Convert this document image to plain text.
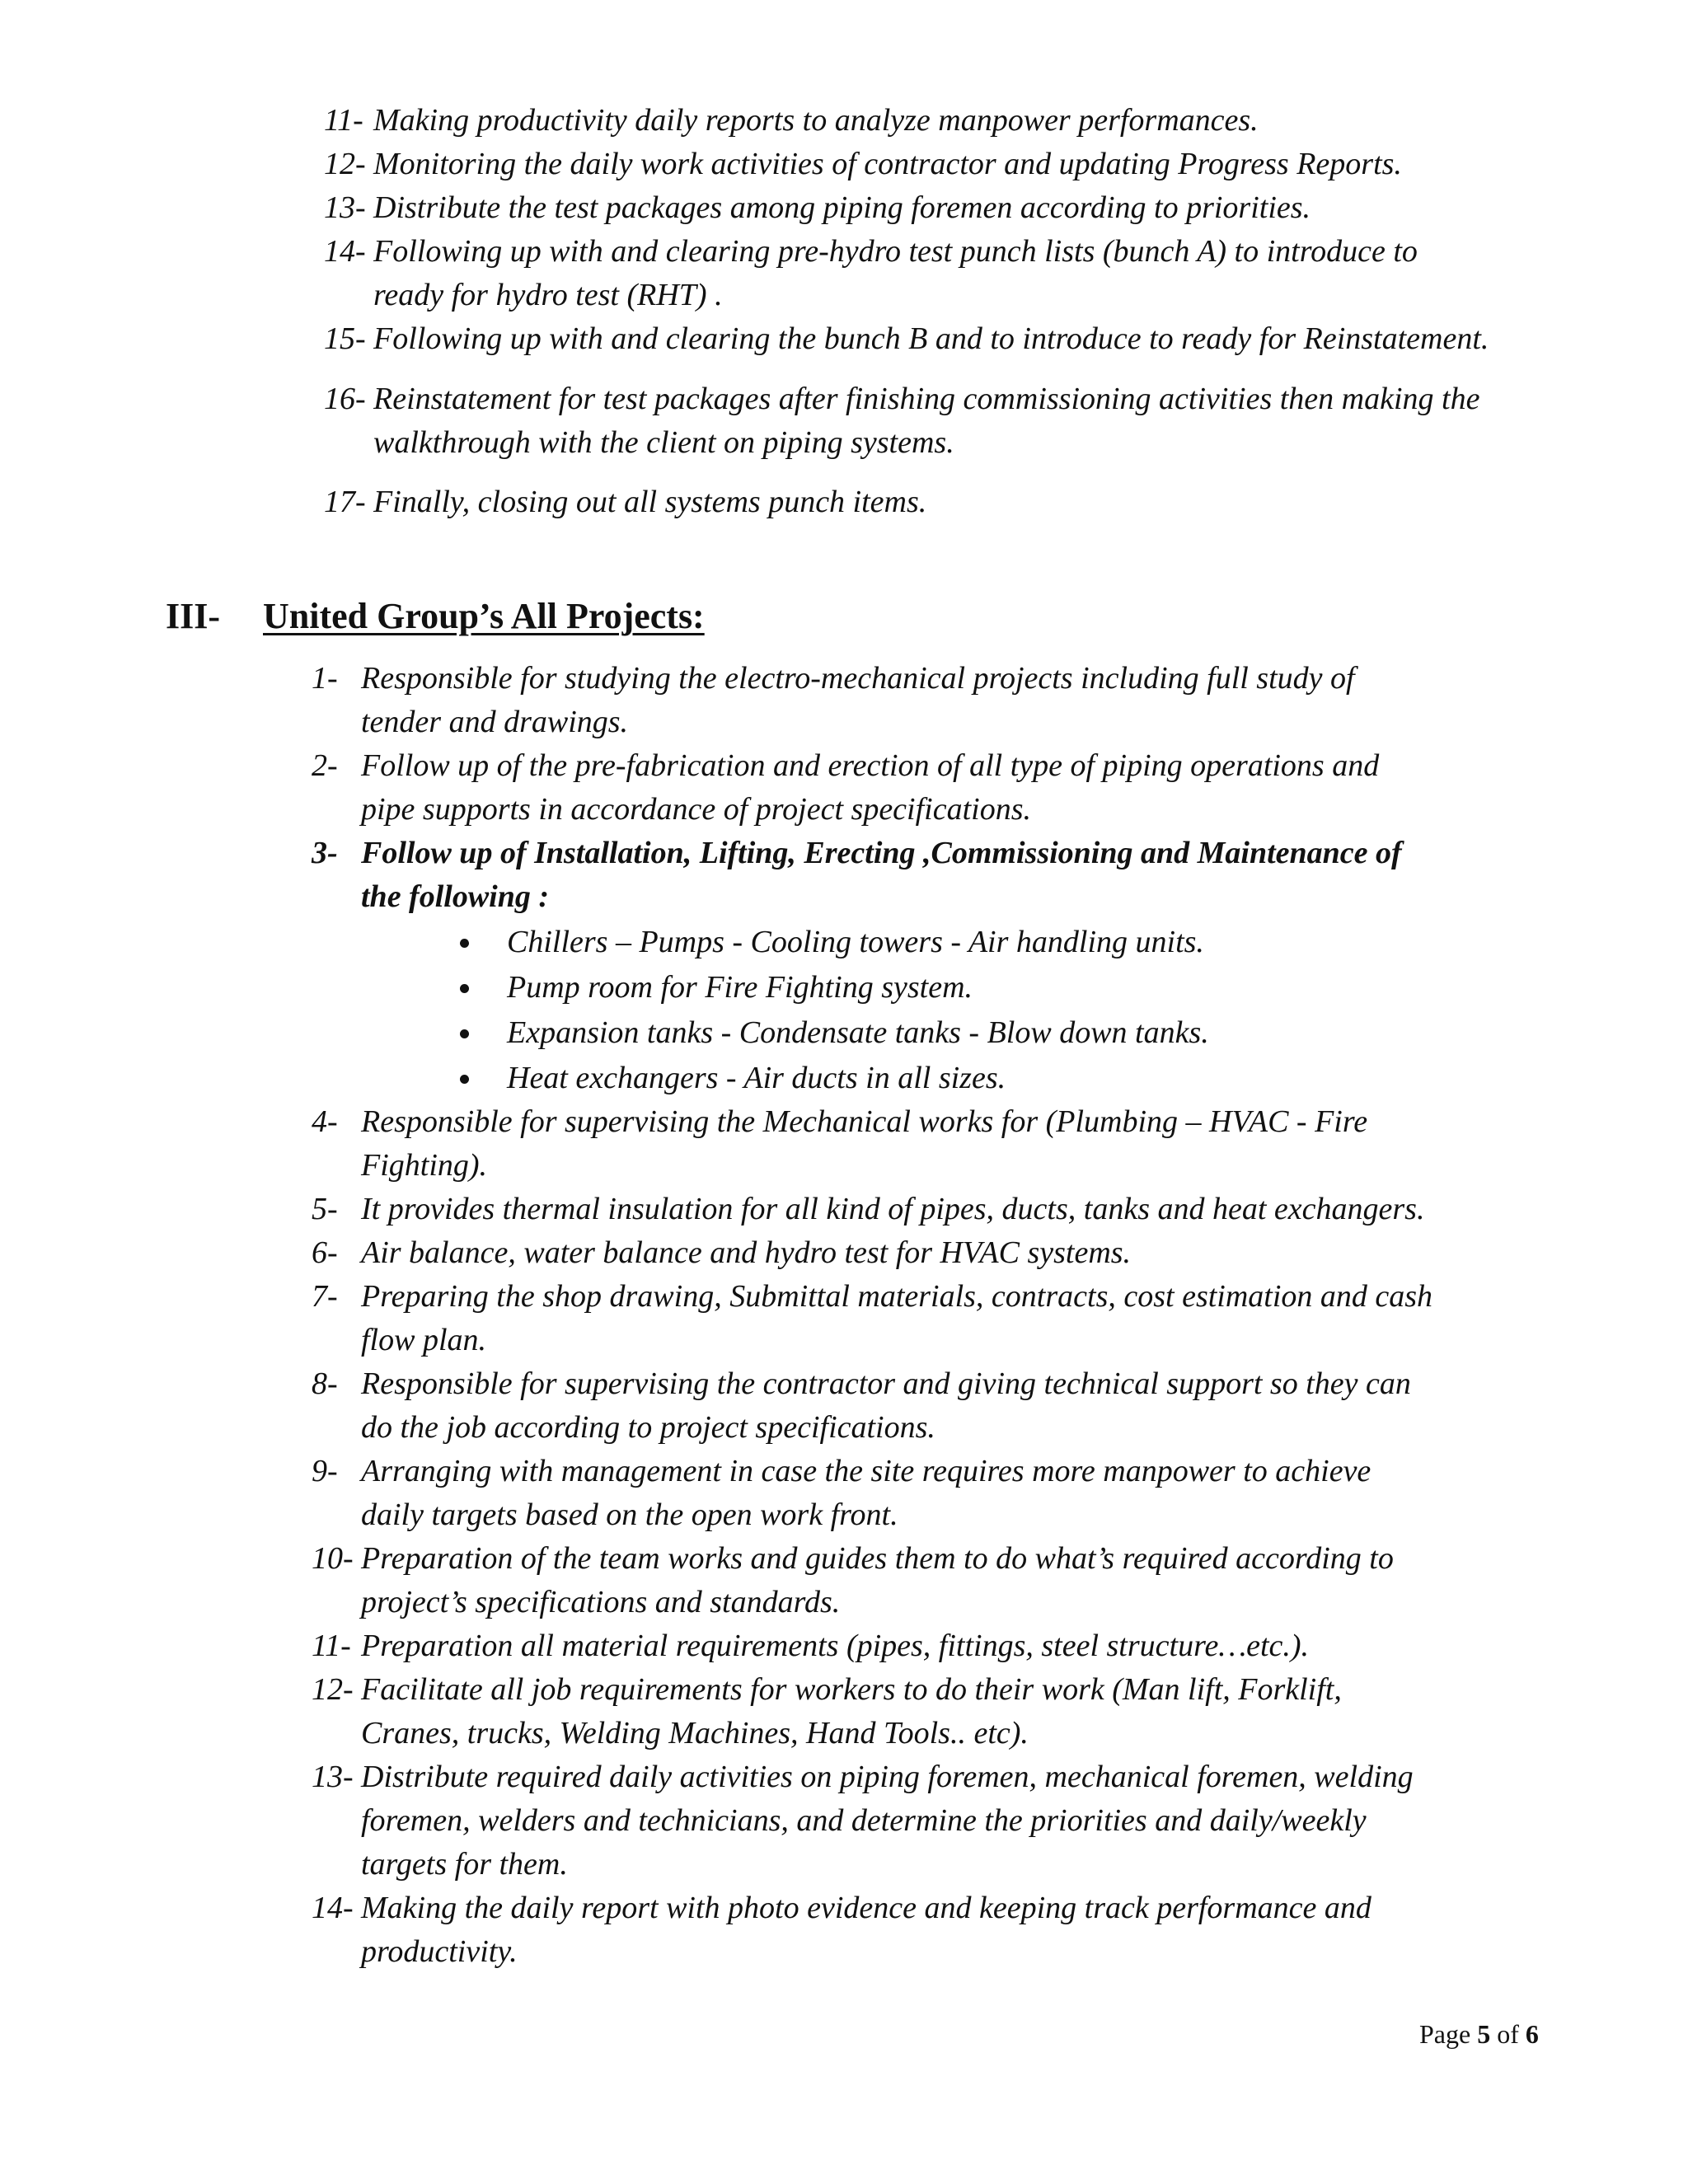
11- Making productivity daily reports to analyze manpower performances.
12- Monitoring the daily work activities of contractor and updating Progress Reports.
13- Distribute the test packages among piping foremen according to priorities.
14- Following up with and clearing pre-hydro test punch lists (bunch A) to introduce to
ready for hydro test (RHT) .
15- Following up with and clearing the bunch B and to introduce to ready for Reinstatement.
16- Reinstatement for test packages after finishing commissioning activities then making the
walkthrough with the client on piping systems.
17- Finally, closing out all systems punch items.
III- United Group’s All Projects:
1- Responsible for studying the electro-mechanical projects including full study of
tender and drawings.
2- Follow up of the pre-fabrication and erection of all type of piping operations and
pipe supports in accordance of project specifications.
3- Follow up of Installation, Lifting, Erecting ,Commissioning and Maintenance of
the following :
Chillers – Pumps - Cooling towers - Air handling units.
Pump room for Fire Fighting system.
Expansion tanks - Condensate tanks - Blow down tanks.
Heat exchangers - Air ducts in all sizes.
4- Responsible for supervising the Mechanical works for (Plumbing – HVAC - Fire
Fighting).
5- It provides thermal insulation for all kind of pipes, ducts, tanks and heat exchangers.
6- Air balance, water balance and hydro test for HVAC systems.
7- Preparing the shop drawing, Submittal materials, contracts, cost estimation and cash
flow plan.
8- Responsible for supervising the contractor and giving technical support so they can
do the job according to project specifications.
9- Arranging with management in case the site requires more manpower to achieve
daily targets based on the open work front.
10- Preparation of the team works and guides them to do what’s required according to
project’s specifications and standards.
11- Preparation all material requirements (pipes, fittings, steel structure…etc.).
12- Facilitate all job requirements for workers to do their work (Man lift, Forklift,
Cranes, trucks, Welding Machines, Hand Tools.. etc).
13- Distribute required daily activities on piping foremen, mechanical foremen, welding
foremen, welders and technicians, and determine the priorities and daily/weekly
targets for them.
14- Making the daily report with photo evidence and keeping track performance and
productivity.
Page 5 of 6
